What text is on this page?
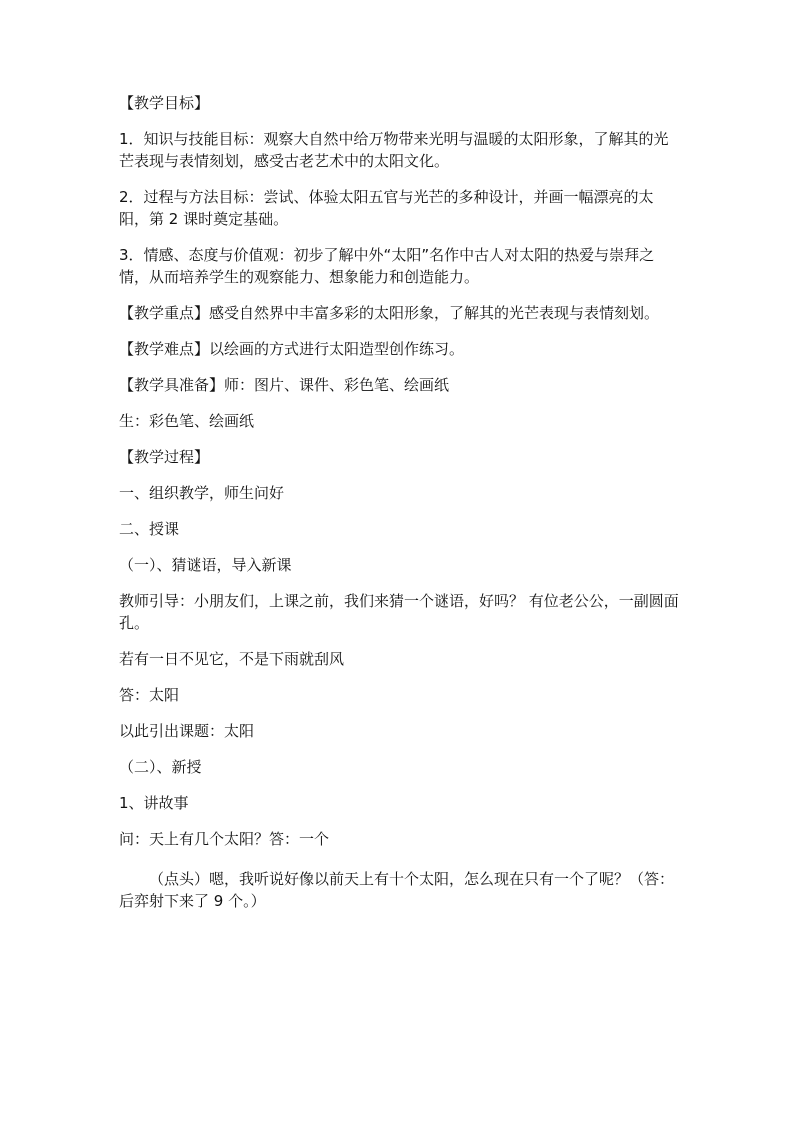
【教学目标】

1．知识与技能目标：观察大自然中给万物带来光明与温暖的太阳形象，了解其的光芒表现与表情刻划，感受古老艺术中的太阳文化。

2．过程与方法目标：尝试、体验太阳五官与光芒的多种设计，并画一幅漂亮的太阳，第 2 课时奠定基础。

3．情感、态度与价值观：初步了解中外“太阳”名作中古人对太阳的热爱与崇拜之情，从而培养学生的观察能力、想象能力和创造能力。

【教学重点】感受自然界中丰富多彩的太阳形象，了解其的光芒表现与表情刻划。

【教学难点】以绘画的方式进行太阳造型创作练习。

【教学具准备】师：图片、课件、彩色笔、绘画纸

生：彩色笔、绘画纸

【教学过程】

一、组织教学，师生问好

二、授课

（一）、猜谜语，导入新课

教师引导：小朋友们，上课之前，我们来猜一个谜语，好吗？ 有位老公公，一副圆面孔。

若有一日不见它，不是下雨就刮风

答：太阳

以此引出课题：太阳

（二）、新授

1、讲故事

问：天上有几个太阳？答：一个

（点头）嗯，我听说好像以前天上有十个太阳，怎么现在只有一个了呢？（答：后弈射下来了 9 个。）
